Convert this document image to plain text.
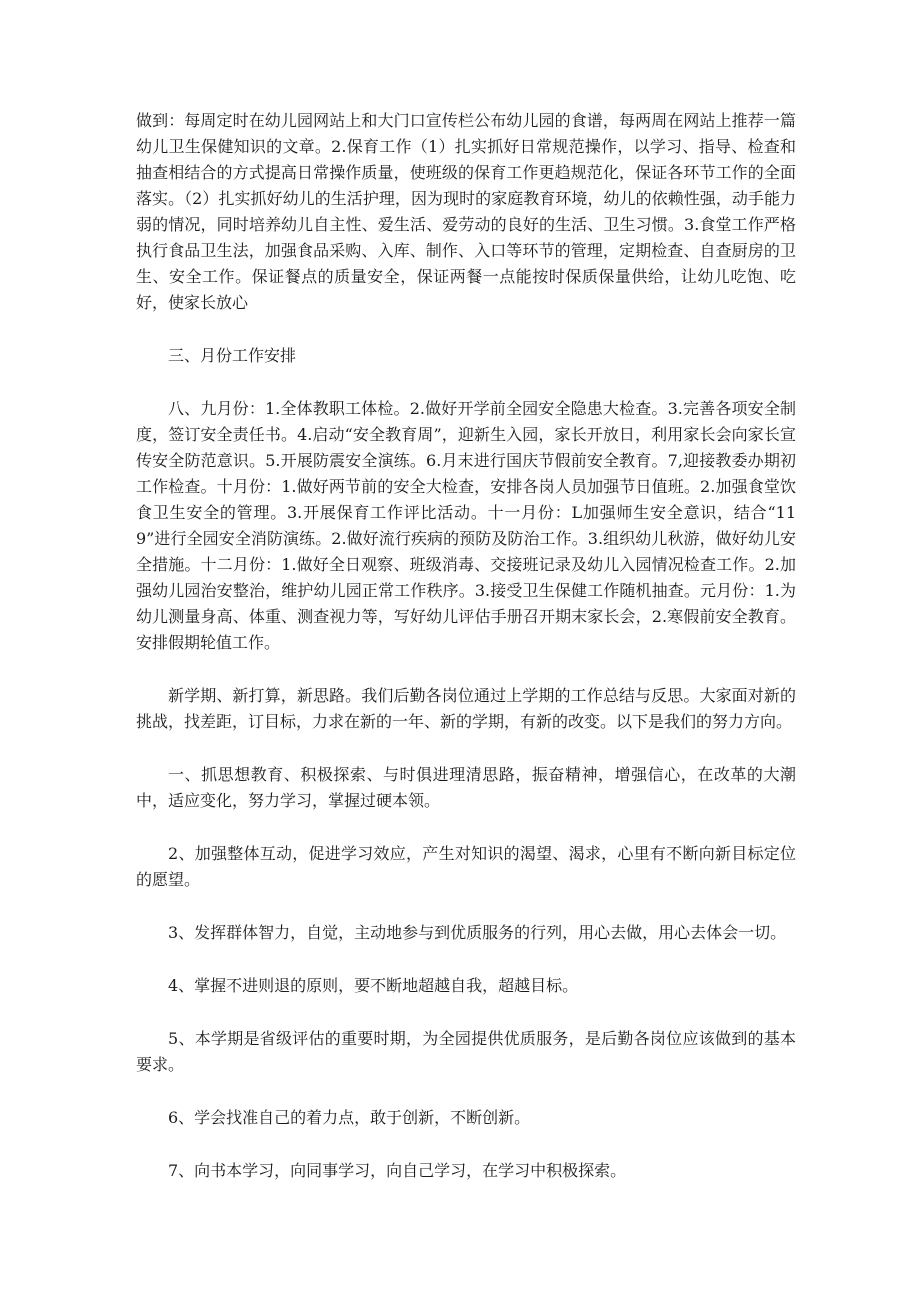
做到：每周定时在幼儿园网站上和大门口宣传栏公布幼儿园的食谱，每两周在网站上推荐一篇幼儿卫生保健知识的文章。2.保育工作（1）扎实抓好日常规范操作，以学习、指导、检查和抽查相结合的方式提高日常操作质量，使班级的保育工作更趋规范化，保证各环节工作的全面落实。（2）扎实抓好幼儿的生活护理，因为现时的家庭教育环境，幼儿的依赖性强，动手能力弱的情况，同时培养幼儿自主性、爱生活、爱劳动的良好的生活、卫生习惯。3.食堂工作严格执行食品卫生法，加强食品采购、入库、制作、入口等环节的管理，定期检查、自查厨房的卫生、安全工作。保证餐点的质量安全，保证两餐一点能按时保质保量供给，让幼儿吃饱、吃好，使家长放心

三、月份工作安排

八、九月份：1.全体教职工体检。2.做好开学前全园安全隐患大检查。3.完善各项安全制度，签订安全责任书。4.启动“安全教育周”，迎新生入园，家长开放日，利用家长会向家长宣传安全防范意识。5.开展防震安全演练。6.月末进行国庆节假前安全教育。7,迎接教委办期初工作检查。十月份：1.做好两节前的安全大检查，安排各岗人员加强节日值班。2.加强食堂饮食卫生安全的管理。3.开展保育工作评比活动。十一月份：L加强师生安全意识，结合“119”进行全园安全消防演练。2.做好流行疾病的预防及防治工作。3.组织幼儿秋游，做好幼儿安全措施。十二月份：1.做好全日观察、班级消毒、交接班记录及幼儿入园情况检查工作。2.加强幼儿园治安整治，维护幼儿园正常工作秩序。3.接受卫生保健工作随机抽查。元月份：1.为幼儿测量身高、体重、测查视力等，写好幼儿评估手册召开期末家长会，2.寒假前安全教育。安排假期轮值工作。

新学期、新打算，新思路。我们后勤各岗位通过上学期的工作总结与反思。大家面对新的挑战，找差距，订目标，力求在新的一年、新的学期，有新的改变。以下是我们的努力方向。

一、抓思想教育、积极探索、与时俱进理清思路，振奋精神，增强信心，在改革的大潮中，适应变化，努力学习，掌握过硬本领。

2、加强整体互动，促进学习效应，产生对知识的渴望、渴求，心里有不断向新目标定位的愿望。

3、发挥群体智力，自觉，主动地参与到优质服务的行列，用心去做，用心去体会一切。

4、掌握不进则退的原则，要不断地超越自我，超越目标。

5、本学期是省级评估的重要时期，为全园提供优质服务，是后勤各岗位应该做到的基本要求。

6、学会找准自己的着力点，敢于创新，不断创新。

7、向书本学习，向同事学习，向自己学习，在学习中积极探索。
